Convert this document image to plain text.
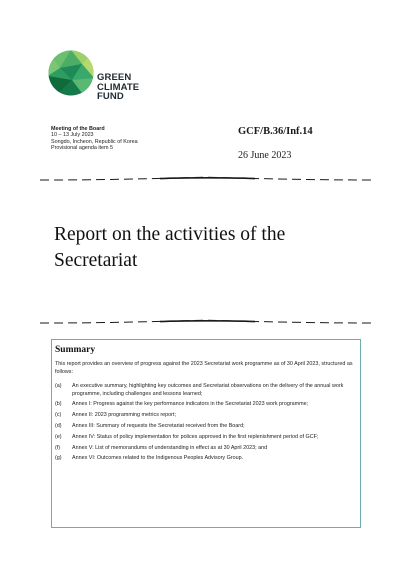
GREEN
CLIMATE
FUND
Meeting of the Board
10 – 13 July 2023
Songdo, Incheon, Republic of Korea
Provisional agenda item 5
GCF/B.36/Inf.14
26 June 2023
Report on the activities of the
Secretariat
Summary
This report provides an overview of progress against the 2023 Secretariat work programme as of 30 April 2023, structured as follows:
(a)	An executive summary, highlighting key outcomes and Secretariat observations on the delivery of the annual work programme, including challenges and lessons learned;
(b)	Annex I: Progress against the key performance indicators in the Secretariat 2023 work programme;
(c)	Annex II: 2023 programming metrics report;
(d)	Annex III: Summary of requests the Secretariat received from the Board;
(e)	Annex IV: Status of policy implementation for polices approved in the first replenishment period of GCF;
(f)	Annex V: List of memorandums of understanding in effect as at 30 April 2023; and
(g)	Annex VI: Outcomes related to the Indigenous Peoples Advisory Group.
